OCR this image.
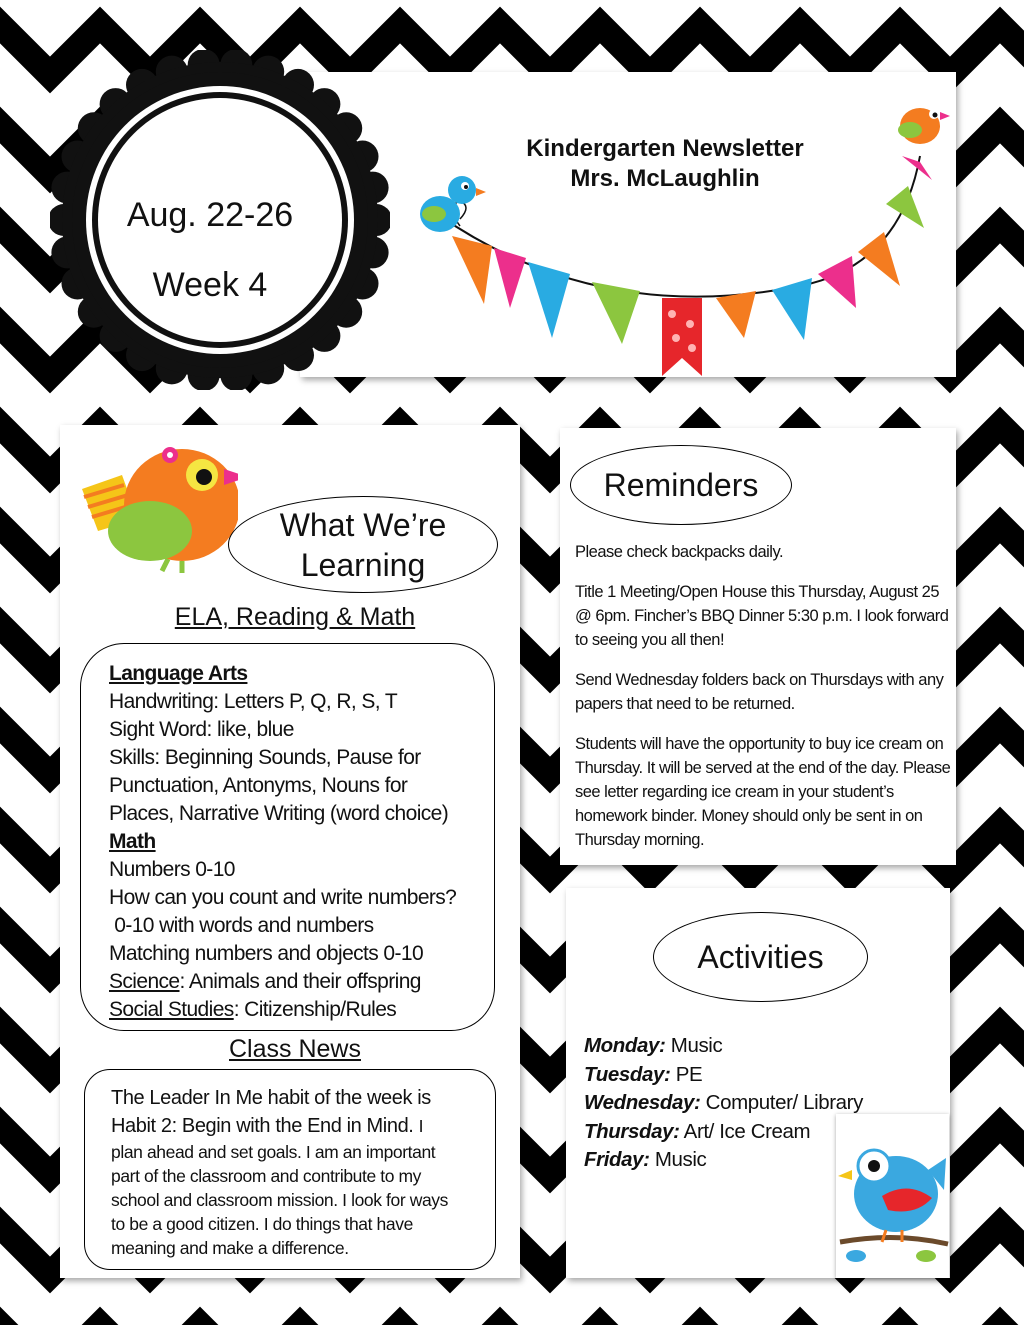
Kindergarten Newsletter
Mrs. McLaughlin
Aug. 22-26
Week 4
What We’re Learning
ELA, Reading & Math
Language Arts
Handwriting: Letters P, Q, R, S, T
Sight Word: like, blue
Skills: Beginning Sounds, Pause for
Punctuation, Antonyms, Nouns for
Places, Narrative Writing (word choice)
Math
Numbers 0-10
How can you count and write numbers?
0-10 with words and numbers
Matching numbers and objects 0-10
Science: Animals and their offspring
Social Studies: Citizenship/Rules
Class News
The Leader In Me habit of the week is
Habit 2: Begin with the End in Mind. I
plan ahead and set goals. I am an important
part of the classroom and contribute to my
school and classroom mission. I look for ways
to be a good citizen. I do things that have
meaning and make a difference.
Reminders

Please check backpacks daily.

Title 1 Meeting/Open House this Thursday, August 25 @ 6pm. Fincher’s BBQ Dinner 5:30 p.m. I look forward to seeing you all then!

Send Wednesday folders back on Thursdays with any papers that need to be returned.

Students will have the opportunity to buy ice cream on Thursday. It will be served at the end of the day. Please see letter regarding ice cream in your student’s homework binder. Money should only be sent in on Thursday morning.

Activities
Monday: Music
Tuesday: PE
Wednesday: Computer/ Library
Thursday: Art/ Ice Cream
Friday: Music
